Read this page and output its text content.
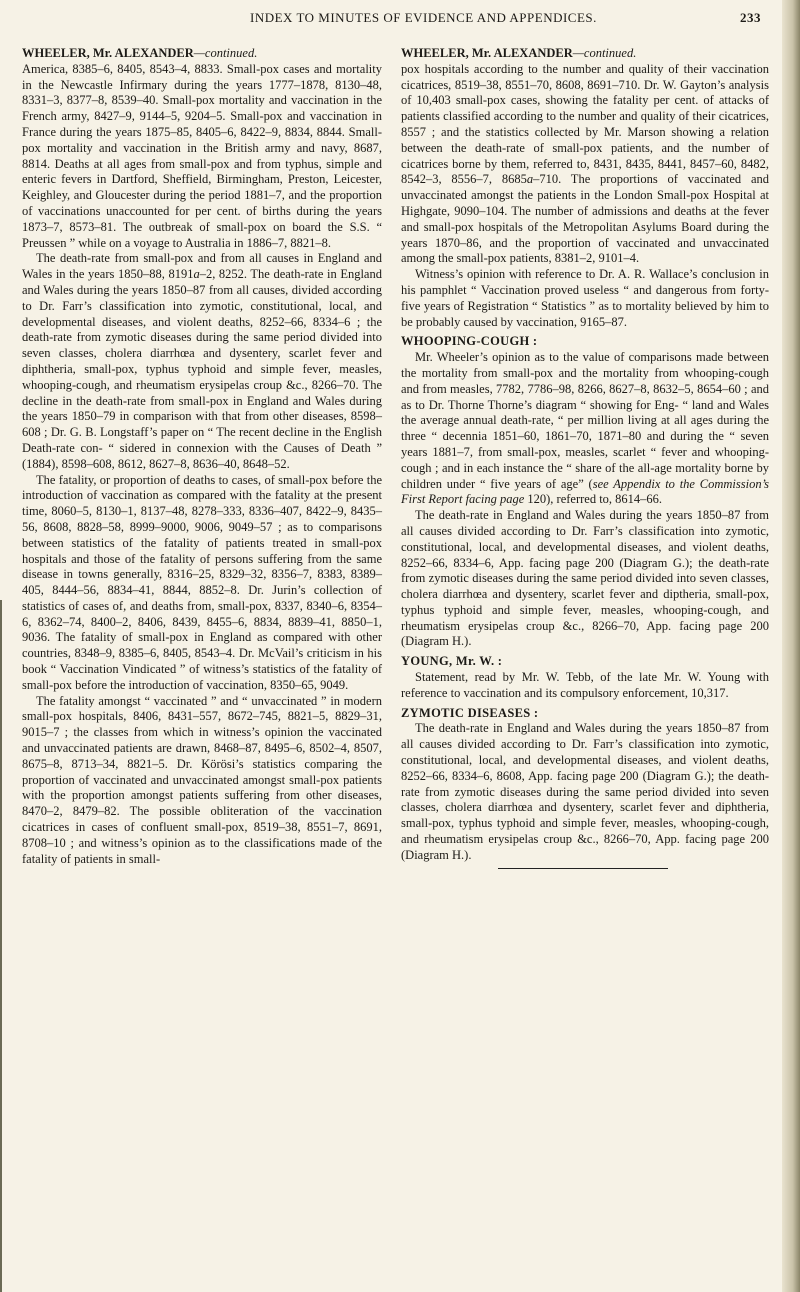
INDEX TO MINUTES OF EVIDENCE AND APPENDICES.	233

WHEELER, Mr. ALEXANDER—continued.

America, 8385–6, 8405, 8543–4, 8833. Small-pox cases and mortality in the Newcastle Infirmary during the years 1777–1878, 8130–48, 8331–3, 8377–8, 8539–40. Small-pox mortality and vaccination in the French army, 8427–9, 9144–5, 9204–5. Small-pox and vaccination in France during the years 1875–85, 8405–6, 8422–9, 8834, 8844. Small-pox mortality and vaccination in the British army and navy, 8687, 8814. Deaths at all ages from small-pox and from typhus, simple and enteric fevers in Dartford, Sheffield, Birmingham, Preston, Leicester, Keighley, and Gloucester during the period 1881–7, and the proportion of vaccinations unaccounted for per cent. of births during the years 1873–7, 8573–81. The outbreak of small-pox on board the S.S. “ Preussen ” while on a voyage to Australia in 1886–7, 8821–8.

The death-rate from small-pox and from all causes in England and Wales in the years 1850–88, 8191a–2, 8252. The death-rate in England and Wales during the years 1850–87 from all causes, divided according to Dr. Farr’s classification into zymotic, constitutional, local, and developmental diseases, and violent deaths, 8252–66, 8334–6 ; the death-rate from zymotic diseases during the same period divided into seven classes, cholera diarrhœa and dysentery, scarlet fever and diphtheria, small-pox, typhus typhoid and simple fever, measles, whooping-cough, and rheumatism erysipelas croup &c., 8266–70. The decline in the death-rate from small-pox in England and Wales during the years 1850–79 in comparison with that from other diseases, 8598–608 ; Dr. G. B. Longstaff’s paper on “ The recent decline in the English Death-rate con- “ sidered in connexion with the Causes of Death ” (1884), 8598–608, 8612, 8627–8, 8636–40, 8648–52.

The fatality, or proportion of deaths to cases, of small-pox before the introduction of vaccination as compared with the fatality at the present time, 8060–5, 8130–1, 8137–48, 8278–333, 8336–407, 8422–9, 8435–56, 8608, 8828–58, 8999–9000, 9006, 9049–57 ; as to comparisons between statistics of the fatality of patients treated in small-pox hospitals and those of the fatality of persons suffering from the same disease in towns generally, 8316–25, 8329–32, 8356–7, 8383, 8389–405, 8444–56, 8834–41, 8844, 8852–8. Dr. Jurin’s collection of statistics of cases of, and deaths from, small-pox, 8337, 8340–6, 8354–6, 8362–74, 8400–2, 8406, 8439, 8455–6, 8834, 8839–41, 8850–1, 9036. The fatality of small-pox in England as compared with other countries, 8348–9, 8385–6, 8405, 8543–4. Dr. McVail’s criticism in his book “ Vaccination Vindicated ” of witness’s statistics of the fatality of small-pox before the introduction of vaccination, 8350–65, 9049.

The fatality amongst “ vaccinated ” and “ unvaccinated ” in modern small-pox hospitals, 8406, 8431–557, 8672–745, 8821–5, 8829–31, 9015–7 ; the classes from which in witness’s opinion the vaccinated and unvaccinated patients are drawn, 8468–87, 8495–6, 8502–4, 8507, 8675–8, 8713–34, 8821–5. Dr. Körösi’s statistics comparing the proportion of vaccinated and unvaccinated amongst small-pox patients with the proportion amongst patients suffering from other diseases, 8470–2, 8479–82. The possible obliteration of the vaccination cicatrices in cases of confluent small-pox, 8519–38, 8551–7, 8691, 8708–10 ; and witness’s opinion as to the classifications made of the fatality of patients in small-

WHEELER, Mr. ALEXANDER—continued.

pox hospitals according to the number and quality of their vaccination cicatrices, 8519–38, 8551–70, 8608, 8691–710. Dr. W. Gayton’s analysis of 10,403 small-pox cases, showing the fatality per cent. of attacks of patients classified according to the number and quality of their cicatrices, 8557 ; and the statistics collected by Mr. Marson showing a relation between the death-rate of small-pox patients, and the number of cicatrices borne by them, referred to, 8431, 8435, 8441, 8457–60, 8482, 8542–3, 8556–7, 8685a–710. The proportions of vaccinated and unvaccinated amongst the patients in the London Small-pox Hospital at Highgate, 9090–104. The number of admissions and deaths at the fever and small-pox hospitals of the Metropolitan Asylums Board during the years 1870–86, and the proportion of vaccinated and unvaccinated among the small-pox patients, 8381–2, 9101–4.

Witness’s opinion with reference to Dr. A. R. Wallace’s conclusion in his pamphlet “ Vaccination proved useless “ and dangerous from forty-five years of Registration “ Statistics ” as to mortality believed by him to be probably caused by vaccination, 9165–87.

WHOOPING-COUGH :

Mr. Wheeler’s opinion as to the value of comparisons made between the mortality from small-pox and the mortality from whooping-cough and from measles, 7782, 7786–98, 8266, 8627–8, 8632–5, 8654–60 ; and as to Dr. Thorne Thorne’s diagram “ showing for Eng- “ land and Wales the average annual death-rate, “ per million living at all ages during the three “ decennia 1851–60, 1861–70, 1871–80 and during the “ seven years 1881–7, from small-pox, measles, scarlet “ fever and whooping-cough ; and in each instance the “ share of the all-age mortality borne by children under “ five years of age” (see Appendix to the Commission’s First Report facing page 120), referred to, 8614–66.

The death-rate in England and Wales during the years 1850–87 from all causes divided according to Dr. Farr’s classification into zymotic, constitutional, local, and developmental diseases, and violent deaths, 8252–66, 8334–6, App. facing page 200 (Diagram G.); the death-rate from zymotic diseases during the same period divided into seven classes, cholera diarrhœa and dysentery, scarlet fever and diptheria, small-pox, typhus typhoid and simple fever, measles, whooping-cough, and rheumatism erysipelas croup &c., 8266–70, App. facing page 200 (Diagram H.).

YOUNG, Mr. W. :

Statement, read by Mr. W. Tebb, of the late Mr. W. Young with reference to vaccination and its compulsory enforcement, 10,317.

ZYMOTIC DISEASES :

The death-rate in England and Wales during the years 1850–87 from all causes divided according to Dr. Farr’s classification into zymotic, constitutional, local, and developmental diseases, and violent deaths, 8252–66, 8334–6, 8608, App. facing page 200 (Diagram G.); the death-rate from zymotic diseases during the same period divided into seven classes, cholera diarrhœa and dysentery, scarlet fever and diphtheria, small-pox, typhus typhoid and simple fever, measles, whooping-cough, and rheumatism erysipelas croup &c., 8266–70, App. facing page 200 (Diagram H.).
